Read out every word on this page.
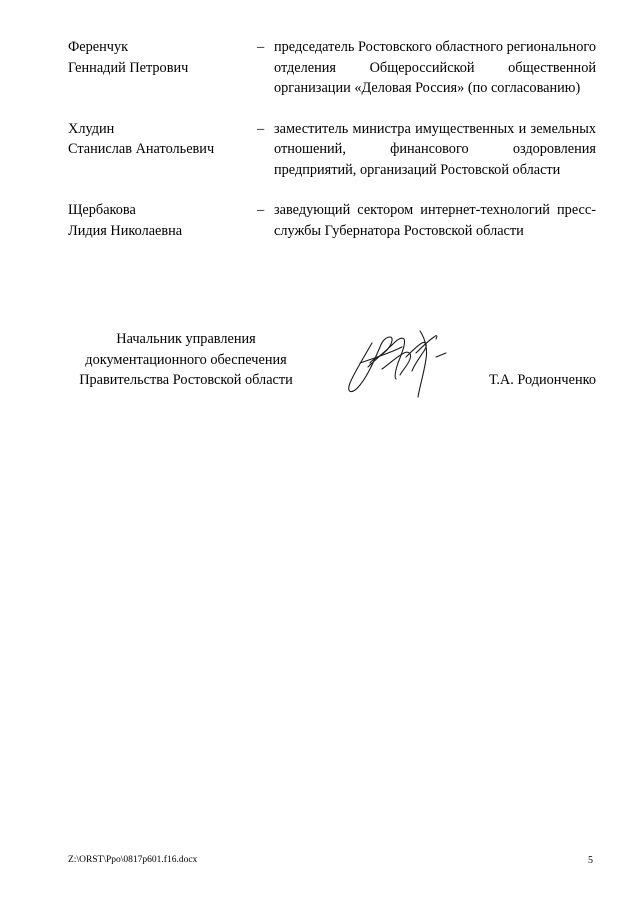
Ференчук
Геннадий Петрович
– председатель Ростовского областного регионального отделения Общероссийской общественной организации «Деловая Россия» (по согласованию)
Хлудин
Станислав Анатольевич
– заместитель министра имущественных и земельных отношений, финансового оздоровления предприятий, организаций Ростовской области
Щербакова
Лидия Николаевна
– заведующий сектором интернет-технологий пресс-службы Губернатора Ростовской области
Начальник управления
документационного обеспечения
Правительства Ростовской области	Т.А. Родионченко
Z:\ORST\Ppo\0817p601.f16.docx	5
